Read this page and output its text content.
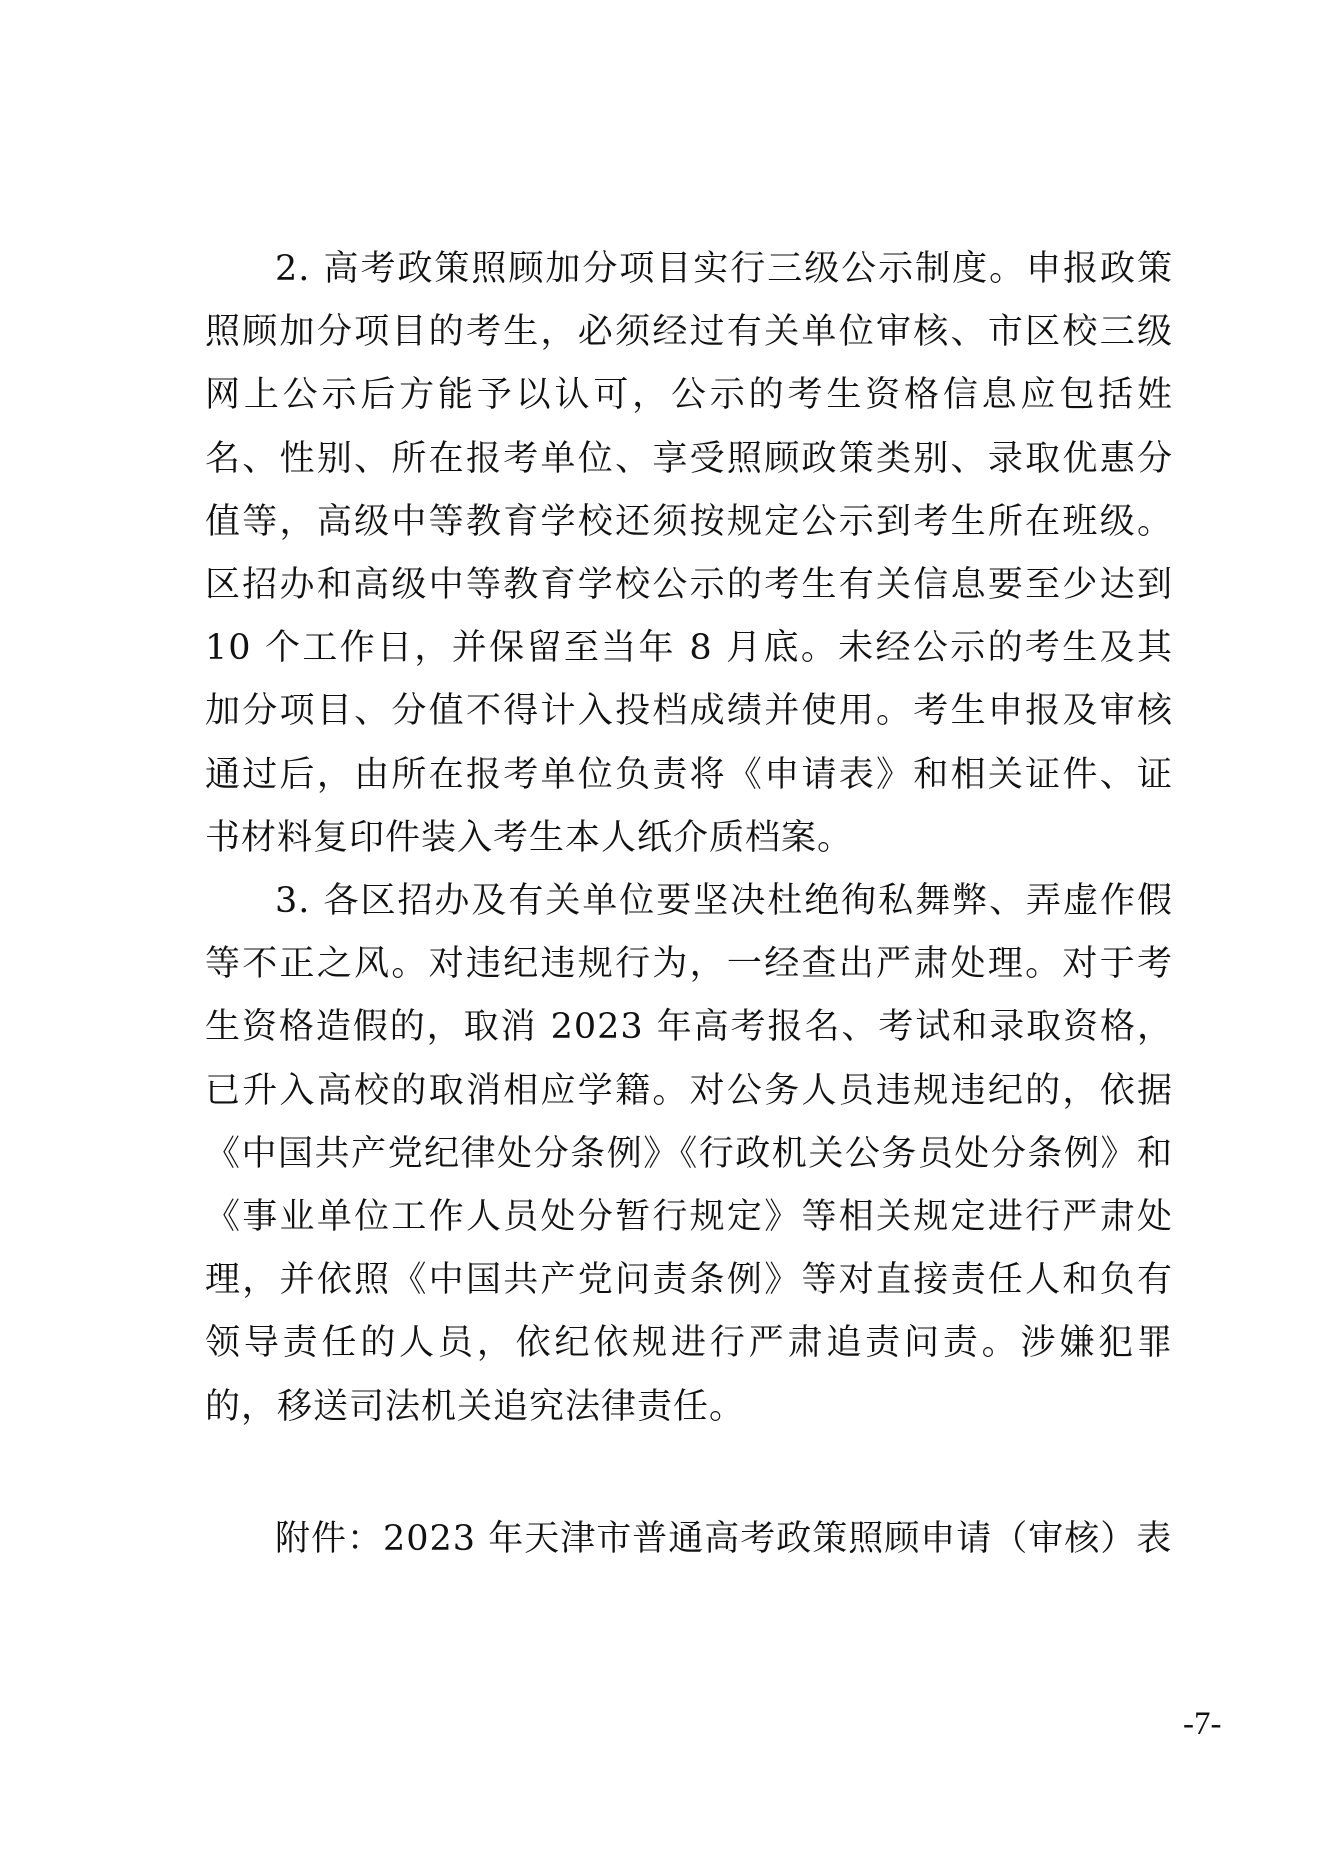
2. 高考政策照顾加分项目实行三级公示制度。申报政策照顾加分项目的考生，必须经过有关单位审核、市区校三级网上公示后方能予以认可，公示的考生资格信息应包括姓名、性别、所在报考单位、享受照顾政策类别、录取优惠分值等，高级中等教育学校还须按规定公示到考生所在班级。区招办和高级中等教育学校公示的考生有关信息要至少达到 10 个工作日，并保留至当年 8 月底。未经公示的考生及其加分项目、分值不得计入投档成绩并使用。考生申报及审核通过后，由所在报考单位负责将《申请表》和相关证件、证书材料复印件装入考生本人纸介质档案。

3. 各区招办及有关单位要坚决杜绝徇私舞弊、弄虚作假等不正之风。对违纪违规行为，一经查出严肃处理。对于考生资格造假的，取消 2023 年高考报名、考试和录取资格，已升入高校的取消相应学籍。对公务人员违规违纪的，依据《中国共产党纪律处分条例》《行政机关公务员处分条例》和《事业单位工作人员处分暂行规定》等相关规定进行严肃处理，并依照《中国共产党问责条例》等对直接责任人和负有领导责任的人员，依纪依规进行严肃追责问责。涉嫌犯罪的，移送司法机关追究法律责任。

附件：2023 年天津市普通高考政策照顾申请（审核）表

-7-
